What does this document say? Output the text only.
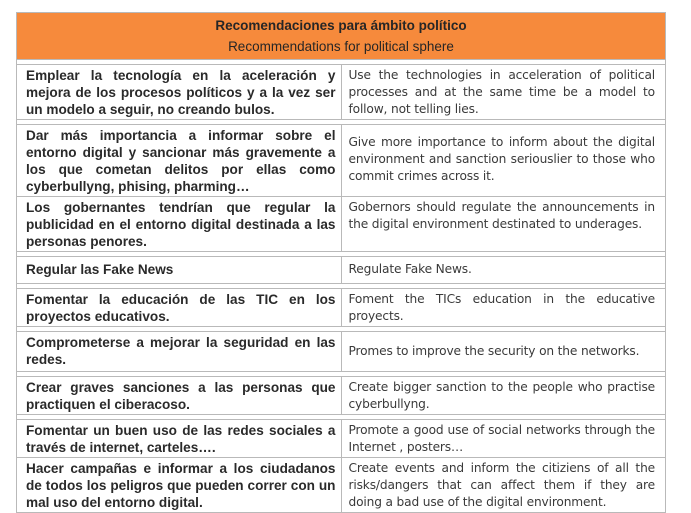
Recomendaciones para ámbito político
Recommendations for political sphere	

Emplear la tecnología en la aceleración y mejora de los procesos políticos y a la vez ser un modelo a seguir, no creando bulos.	Use the technologies in acceleration of political processes and at the same time be a model to follow, not telling lies.

Dar más importancia a informar sobre el entorno digital y sancionar más gravemente a los que cometan delitos por ellas como cyberbullyng, phising, pharming…	Give more importance to inform about the digital environment and sanction seriouslier to those who commit crimes across it.
Los gobernantes tendrían que regular la publicidad en el entorno digital destinada a las personas penores.	Gobernors should regulate the announcements in the digital environment destinated to underages.

Regular las Fake News	Regulate Fake News.

Fomentar la educación de las TIC en los proyectos educativos.	Foment the TICs education in the educative proyects.

Comprometerse a mejorar la seguridad en las redes.	Promes to improve the security on the networks.

Crear graves sanciones a las personas que practiquen el ciberacoso.	Create bigger sanction to the people who practise cyberbullyng.

Fomentar un buen uso de las redes sociales a través de internet, carteles….	Promote a good use of social networks through the Internet , posters…
Hacer campañas e informar a los ciudadanos de todos los peligros que pueden correr con un mal uso del entorno digital.	Create events and inform the citiziens of all the risks/dangers that can affect them if they are doing a bad use of the digital environment.
